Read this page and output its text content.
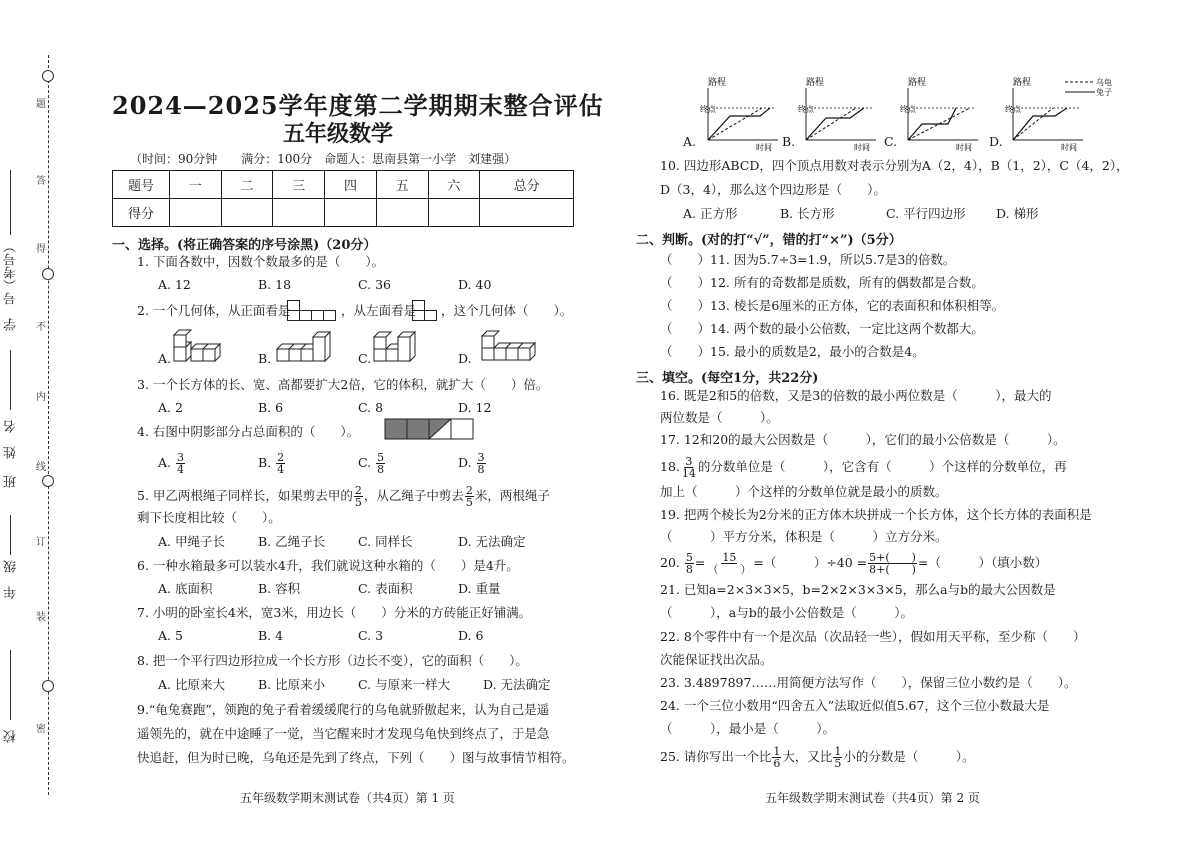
题
答
得
不
内
线
订
装
密
校
年　级
班
姓　名
学　号（考号）
2024—2025学年度第二学期期末整合评估
五年级数学
（时间：90分钟　　满分：100分　命题人：思南县第一小学　刘建强）
题号	一	二	三	四	五	六	总分
得分							
一、选择。(将正确答案的序号涂黑)（20分）
1. 下面各数中，因数个数最多的是（　　）。
A. 12	B. 18	C. 36	D. 40
2. 一个几何体，从正面看是	，从左面看是 ，这个几何体（　　）。
A.	B.	C.	D.
3. 一个长方体的长、宽、高都要扩大2倍，它的体积，就扩大（　　）倍。
A. 2	B. 6	C. 8	D. 12
4. 右图中阴影部分占总面积的（　　）。
A. $\frac{3}{4}$	B. $\frac{2}{4}$	C. $\frac{5}{8}$	D. $\frac{3}{8}$
5. 甲乙两根绳子同样长，如果剪去甲的 $\frac{2}{5}$ ，从乙绳子中剪去 $\frac{2}{5}$ 米，两根绳子
剩下长度相比较（　　）。
A. 甲绳子长	B. 乙绳子长	C. 同样长	D. 无法确定
6. 一种水箱最多可以装水4升，我们就说这种水箱的（　　）是4升。
A. 底面积	B. 容积	C. 表面积	D. 重量
7. 小明的卧室长4米，宽3米，用边长（　　）分米的方砖能正好铺满。
A. 5	B. 4	C. 3	D. 6
8. 把一个平行四边形拉成一个长方形（边长不变），它的面积（　　）。
A. 比原来大	B. 比原来小	C. 与原来一样大	D. 无法确定
9.“龟兔赛跑”，领跑的兔子看着缓缓爬行的乌龟就骄傲起来，认为自己是遥
遥领先的，就在中途睡了一觉，当它醒来时才发现乌龟快到终点了，于是急
快追赶，但为时已晚，乌龟还是先到了终点，下列（　　）图与故事情节相符。
五年级数学期末测试卷（共4页）第 1 页
A.	B.	C.	D.
路程
终点
时间
路程
终点
时间
路程
终点
时间
路程
终点
时间
乌龟
兔子
10. 四边形ABCD，四个顶点用数对表示分别为A（2，4），B（1，2），C（4，2），
D（3，4），那么这个四边形是（　　）。
A. 正方形	B. 长方形	C. 平行四边形 D. 梯形
二、判断。(对的打“√”，错的打“×”)（5分）
（　　）11. 因为5.7÷3=1.9，所以5.7是3的倍数。
（　　）12. 所有的奇数都是质数，所有的偶数都是合数。
（　　）13. 棱长是6厘米的正方体，它的表面积和体积相等。
（　　）14. 两个数的最小公倍数，一定比这两个数都大。
（　　）15. 最小的质数是2，最小的合数是4。
三、填空。(每空1分，共22分)
16. 既是2和5的倍数，又是3的倍数的最小两位数是（　　　），最大的
两位数是（　　　）。
17. 12和20的最大公因数是（　　　），它们的最小公倍数是（　　　）。
18. $\frac{3}{14}$ 的分数单位是（　　　），它含有（　　　）个这样的分数单位，再
加上（　　　）个这样的分数单位就是最小的质数。
19. 把两个棱长为2分米的正方体木块拼成一个长方体，这个长方体的表面积是
（　　　）平方分米，体积是（　　　）立方分米。
20. $\frac{5}{8} = \frac{15}{( )}$ =（　　　）$\div 40 = \frac{5+( )}{8+( )}$ =（　　　）（填小数）
21. 已知a=2×3×3×5，b=2×2×3×3×5，那么a与b的最大公因数是
（　　　），a与b的最小公倍数是（　　　）。
22. 8个零件中有一个是次品（次品轻一些），假如用天平称，至少称（　　）
次能保证找出次品。
23. 3.4897897……用简便方法写作（　　），保留三位小数约是（　　）。
24. 一个三位小数用“四舍五入”法取近似值5.67，这个三位小数最大是
（　　　），最小是（　　　）。
25. 请你写出一个比 $\frac{1}{6}$ 大，又比 $\frac{1}{5}$ 小的分数是（　　　）。
五年级数学期末测试卷（共4页）第 2 页
